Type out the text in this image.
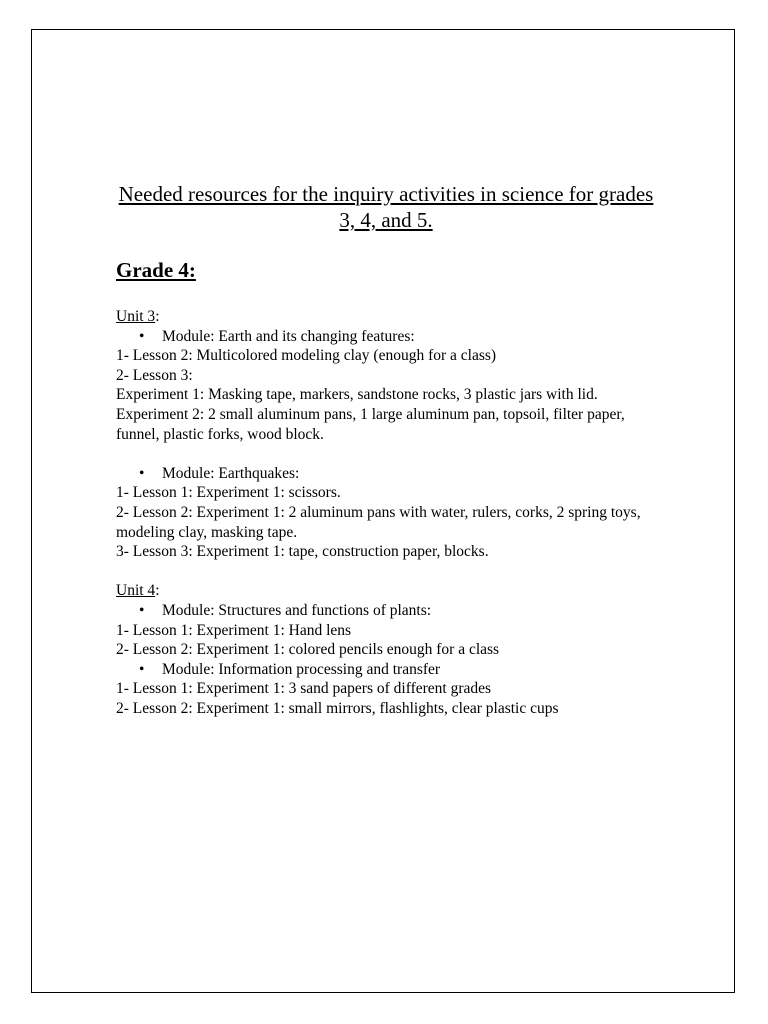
Needed resources for the inquiry activities in science for grades 3, 4, and 5.
Grade 4:

Unit 3:

• Module: Earth and its changing features:

1- Lesson 2: Multicolored modeling clay (enough for a class)

2- Lesson 3:

Experiment 1: Masking tape, markers, sandstone rocks, 3 plastic jars with lid.

Experiment 2: 2 small aluminum pans, 1 large aluminum pan, topsoil, filter paper, funnel, plastic forks, wood block.

• Module: Earthquakes:

1- Lesson 1: Experiment 1: scissors.

2- Lesson 2: Experiment 1: 2 aluminum pans with water, rulers, corks, 2 spring toys, modeling clay, masking tape.

3- Lesson 3: Experiment 1: tape, construction paper, blocks.

Unit 4:

• Module: Structures and functions of plants:

1- Lesson 1: Experiment 1: Hand lens

2- Lesson 2: Experiment 1: colored pencils enough for a class

• Module: Information processing and transfer

1- Lesson 1: Experiment 1: 3 sand papers of different grades

2- Lesson 2: Experiment 1: small mirrors, flashlights, clear plastic cups
